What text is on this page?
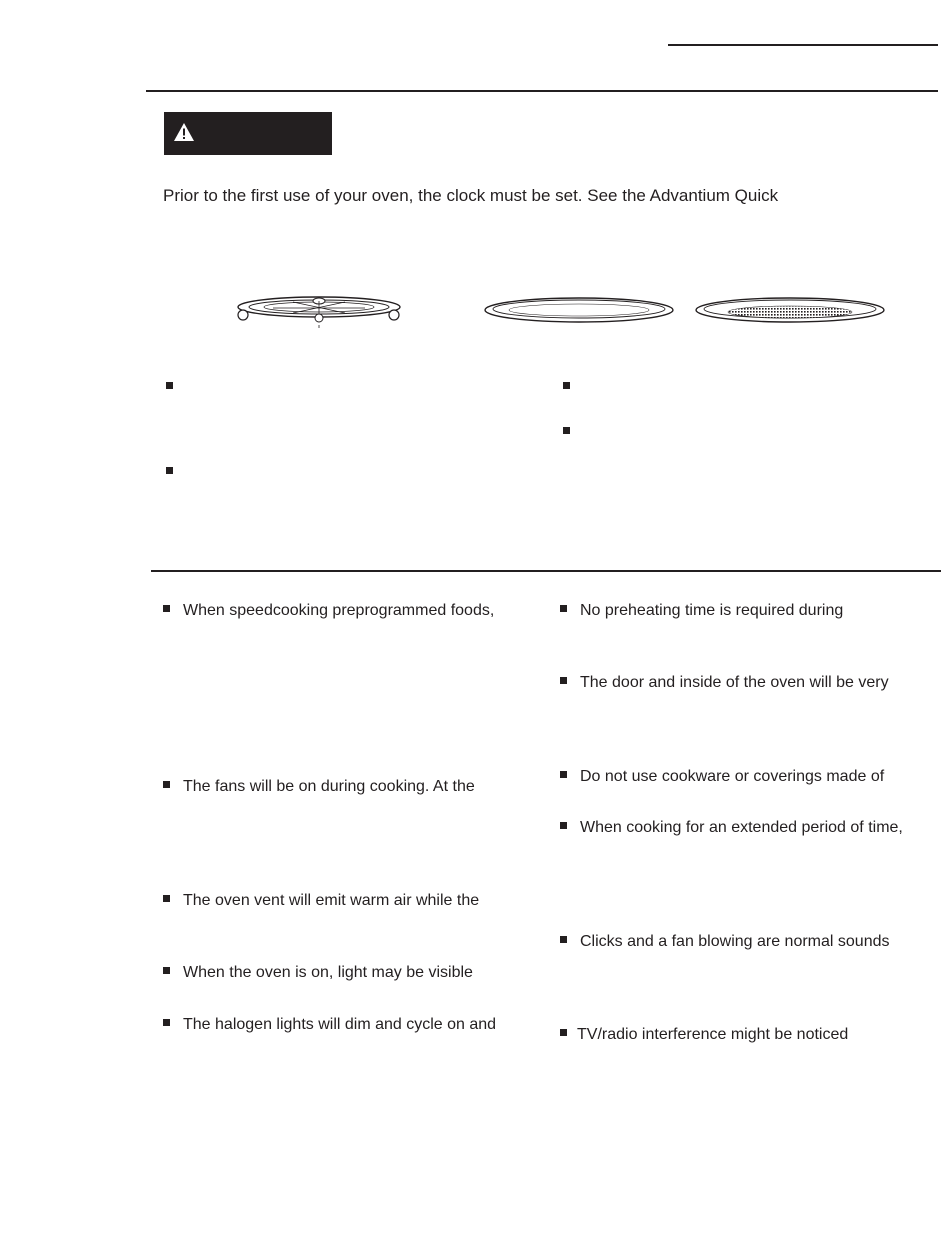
Prior to the first use of your oven, the clock must be set. See the Advantium Quick
When speedcooking preprogrammed foods,
The fans will be on during cooking. At the
The oven vent will emit warm air while the
When the oven is on, light may be visible
The halogen lights will dim and cycle on and
No preheating time is required during
The door and inside of the oven will be very
Do not use cookware or coverings made of
When cooking for an extended period of time,
Clicks and a fan blowing are normal sounds
TV/radio interference might be noticed
